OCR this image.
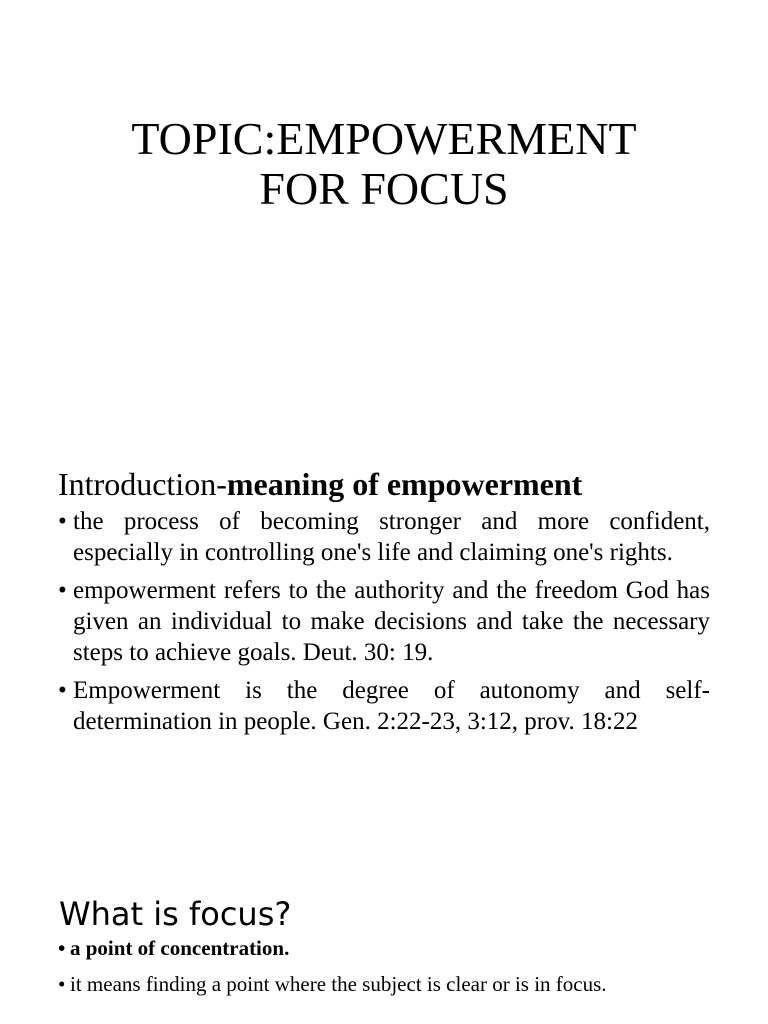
TOPIC:EMPOWERMENT
FOR FOCUS
Introduction-meaning of empowerment
• the process of becoming stronger and more confident, especially in controlling one's life and claiming one's rights.
• empowerment refers to the authority and the freedom God has given an individual to make decisions and take the necessary steps to achieve goals. Deut. 30: 19.
• Empowerment is the degree of autonomy and self-determination in people. Gen. 2:22-23, 3:12, prov. 18:22
What is focus?
• a point of concentration.
• it means finding a point where the subject is clear or is in focus.
